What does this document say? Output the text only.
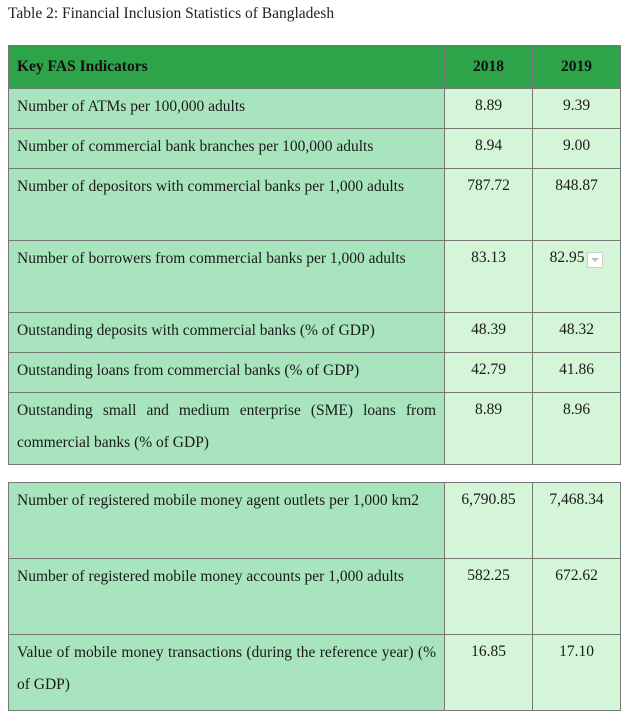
Table 2: Financial Inclusion Statistics of Bangladesh
Key FAS Indicators	2018	2019

Number of ATMs per 100,000 adults	8.89	9.39

Number of commercial bank branches per 100,000 adults	8.94	9.00

Number of depositors with commercial banks per 1,000 adults	787.72	848.87

Number of borrowers from commercial banks per 1,000 adults	83.13	82.95

Outstanding deposits with commercial banks (% of GDP)	48.39	48.32

Outstanding loans from commercial banks (% of GDP)	42.79	41.86

Outstanding small and medium enterprise (SME) loans from commercial banks (% of GDP)	8.89	8.96
Number of registered mobile money agent outlets per 1,000 km2	6,790.85	7,468.34

Number of registered mobile money accounts per 1,000 adults	582.25	672.62

Value of mobile money transactions (during the reference year) (% of GDP)	16.85	17.10
